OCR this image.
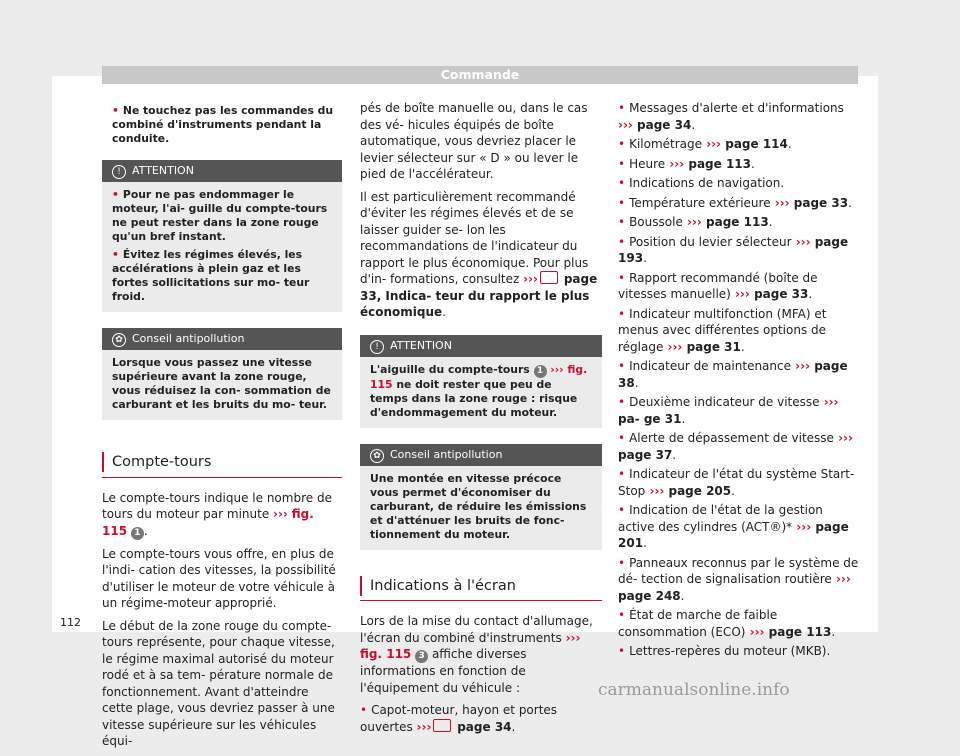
Commande
• Ne touchez pas les commandes du combiné d'instruments pendant la conduite.
!	ATTENTION
• Pour ne pas endommager le moteur, l'ai- guille du compte-tours ne peut rester dans la zone rouge qu'un bref instant.
• Évitez les régimes élevés, les accélérations à plein gaz et les fortes sollicitations sur mo- teur froid.
✿ Conseil antipollution
Lorsque vous passez une vitesse supérieure avant la zone rouge, vous réduisez la con- sommation de carburant et les bruits du mo- teur.
Compte-tours

Le compte-tours indique le nombre de tours du moteur par minute ››› fig. 115 1 .

Le compte-tours vous offre, en plus de l'indi- cation des vitesses, la possibilité d'utiliser le moteur de votre véhicule à un régime-moteur approprié.

Le début de la zone rouge du compte-tours représente, pour chaque vitesse, le régime maximal autorisé du moteur rodé et à sa tem- pérature normale de fonctionnement. Avant d'atteindre cette plage, vous devriez passer à une vitesse supérieure sur les véhicules équi-

pés de boîte manuelle ou, dans le cas des vé- hicules équipés de boîte automatique, vous devriez placer le levier sélecteur sur « D » ou lever le pied de l'accélérateur.

Il est particulièrement recommandé d'éviter les régimes élevés et de se laisser guider se- lon les recommandations de l'indicateur du rapport le plus économique. Pour plus d'in- formations, consultez ››› page 33, Indica- teur du rapport le plus économique.

!	ATTENTION
L'aiguille du compte-tours 1 ››› fig. 115 ne doit rester que peu de temps dans la zone rouge : risque d'endommagement du moteur.
✿ Conseil antipollution
Une montée en vitesse précoce vous permet d'économiser du carburant, de réduire les émissions et d'atténuer les bruits de fonc- tionnement du moteur.
Indications à l'écran

Lors de la mise du contact d'allumage, l'écran du combiné d'instruments ››› fig. 115 3 affiche diverses informations en fonction de l'équipement du véhicule :

• Capot-moteur, hayon et portes ouvertes ››› page 34.

• Messages d'alerte et d'informations ››› page 34.
• Kilométrage ››› page 114.
• Heure ››› page 113.
• Indications de navigation.
• Température extérieure ››› page 33.
• Boussole ››› page 113.
• Position du levier sélecteur ››› page 193.
• Rapport recommandé (boîte de vitesses manuelle) ››› page 33.
• Indicateur multifonction (MFA) et menus avec différentes options de réglage ››› page 31.
• Indicateur de maintenance ››› page 38.
• Deuxième indicateur de vitesse ››› pa- ge 31.
• Alerte de dépassement de vitesse ››› page 37.
• Indicateur de l'état du système Start-Stop ››› page 205.
• Indication de l'état de la gestion active des cylindres (ACT®)* ››› page 201.
• Panneaux reconnus par le système de dé- tection de signalisation routière ››› page 248.
• État de marche de faible consommation (ECO) ››› page 113.
• Lettres-repères du moteur (MKB).
112
carmanualsonline.info
